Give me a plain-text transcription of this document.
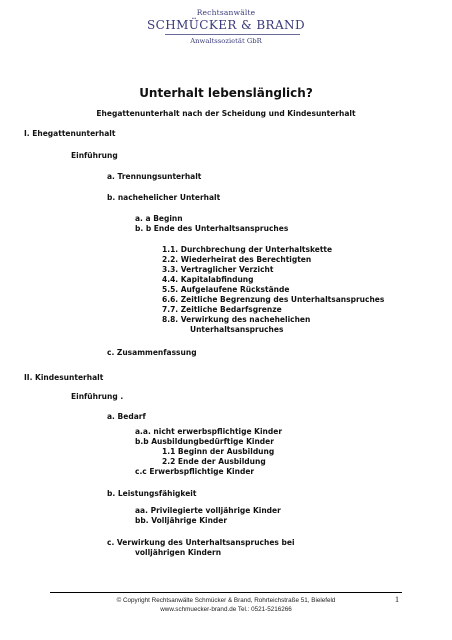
Rechtsanwälte
SCHMÜCKER & BRAND
Anwaltssozietät GbR
Unterhalt lebenslänglich?
Ehegattenunterhalt nach der Scheidung und Kindesunterhalt
I. Ehegattenunterhalt
Einführung
a. Trennungsunterhalt
b. nachehelicher Unterhalt
a. a Beginn
b. b Ende des Unterhaltsanspruches
1.1. Durchbrechung der Unterhaltskette
2.2. Wiederheirat des Berechtigten
3.3. Vertraglicher Verzicht
4.4. Kapitalabfindung
5.5. Aufgelaufene Rückstände
6.6. Zeitliche Begrenzung des Unterhaltsanspruches
7.7. Zeitliche Bedarfsgrenze
8.8. Verwirkung des nachehelichen
Unterhaltsanspruches
c. Zusammenfassung
II. Kindesunterhalt
Einführung .
a. Bedarf
a.a. nicht erwerbspflichtige Kinder
b.b Ausbildungbedürftige Kinder
1.1 Beginn der Ausbildung
2.2 Ende der Ausbildung
c.c Erwerbspflichtige Kinder
b. Leistungsfähigkeit
aa. Privilegierte volljährige Kinder
bb. Volljährige Kinder
c. Verwirkung des Unterhaltsanspruches bei
volljährigen Kindern
© Copyright Rechtsanwälte Schmücker & Brand, Rohrteichstraße 51, Bielefeld
www.schmuecker-brand.de Tel.: 0521-5216266
1
